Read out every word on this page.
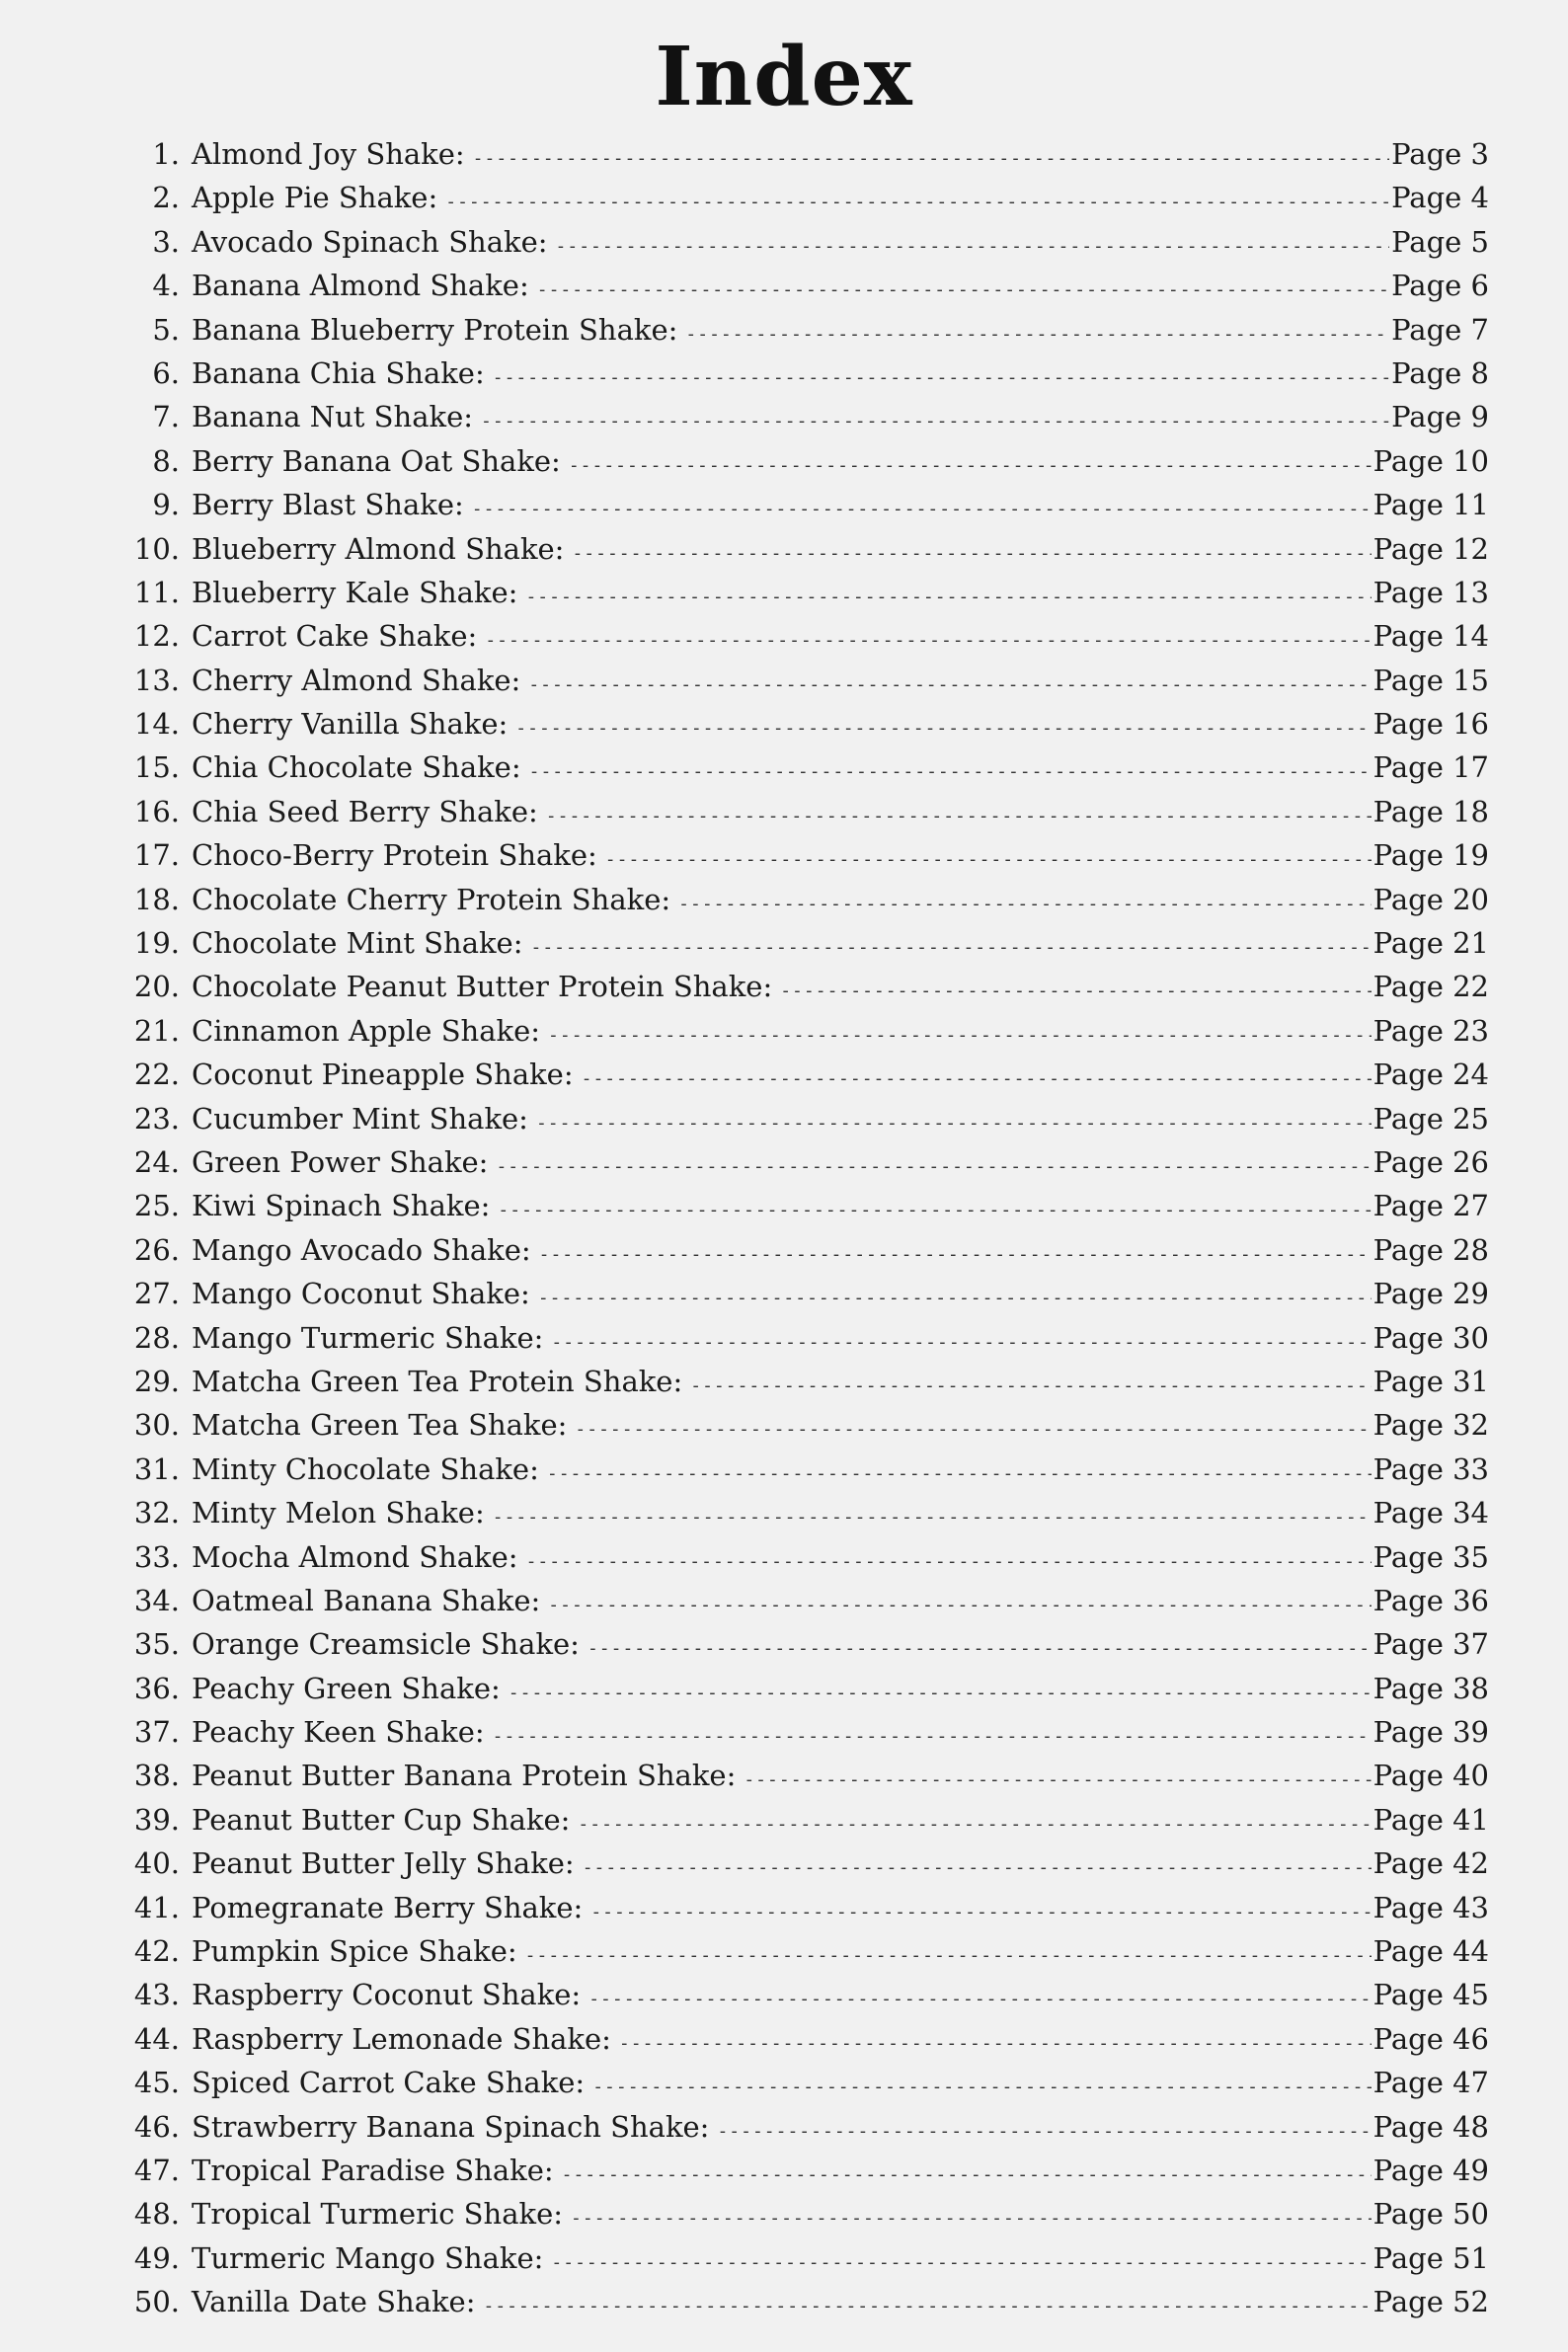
Index
1. Almond Joy Shake: -----	Page 3
2. Apple Pie Shake: -----	Page 4
3. Avocado Spinach Shake: -----	Page 5
4. Banana Almond Shake: -----	Page 6
5. Banana Blueberry Protein Shake: -----	Page 7
6. Banana Chia Shake: -----	Page 8
7. Banana Nut Shake: -----	Page 9
8. Berry Banana Oat Shake: -----	Page 10
9. Berry Blast Shake: -----	Page 11
10. Blueberry Almond Shake: -----	Page 12
11. Blueberry Kale Shake: -----	Page 13
12. Carrot Cake Shake: -----	Page 14
13. Cherry Almond Shake: -----	Page 15
14. Cherry Vanilla Shake: -----	Page 16
15. Chia Chocolate Shake: -----	Page 17
16. Chia Seed Berry Shake: -----	Page 18
17. Choco-Berry Protein Shake: -----	Page 19
18. Chocolate Cherry Protein Shake: -----	Page 20
19. Chocolate Mint Shake: -----	Page 21
20. Chocolate Peanut Butter Protein Shake: -----	Page 22
21. Cinnamon Apple Shake: -----	Page 23
22. Coconut Pineapple Shake: -----	Page 24
23. Cucumber Mint Shake: -----	Page 25
24. Green Power Shake: -----	Page 26
25. Kiwi Spinach Shake: -----	Page 27
26. Mango Avocado Shake: -----	Page 28
27. Mango Coconut Shake: -----	Page 29
28. Mango Turmeric Shake: -----	Page 30
29. Matcha Green Tea Protein Shake: -----	Page 31
30. Matcha Green Tea Shake: -----	Page 32
31. Minty Chocolate Shake: -----	Page 33
32. Minty Melon Shake: -----	Page 34
33. Mocha Almond Shake: -----	Page 35
34. Oatmeal Banana Shake: -----	Page 36
35. Orange Creamsicle Shake: -----	Page 37
36. Peachy Green Shake: -----	Page 38
37. Peachy Keen Shake: -----	Page 39
38. Peanut Butter Banana Protein Shake: -----	Page 40
39. Peanut Butter Cup Shake: -----	Page 41
40. Peanut Butter Jelly Shake: -----	Page 42
41. Pomegranate Berry Shake: -----	Page 43
42. Pumpkin Spice Shake: -----	Page 44
43. Raspberry Coconut Shake: -----	Page 45
44. Raspberry Lemonade Shake: -----	Page 46
45. Spiced Carrot Cake Shake: -----	Page 47
46. Strawberry Banana Spinach Shake: -----	Page 48
47. Tropical Paradise Shake: -----	Page 49
48. Tropical Turmeric Shake: -----	Page 50
49. Turmeric Mango Shake: -----	Page 51
50. Vanilla Date Shake: -----	Page 52
